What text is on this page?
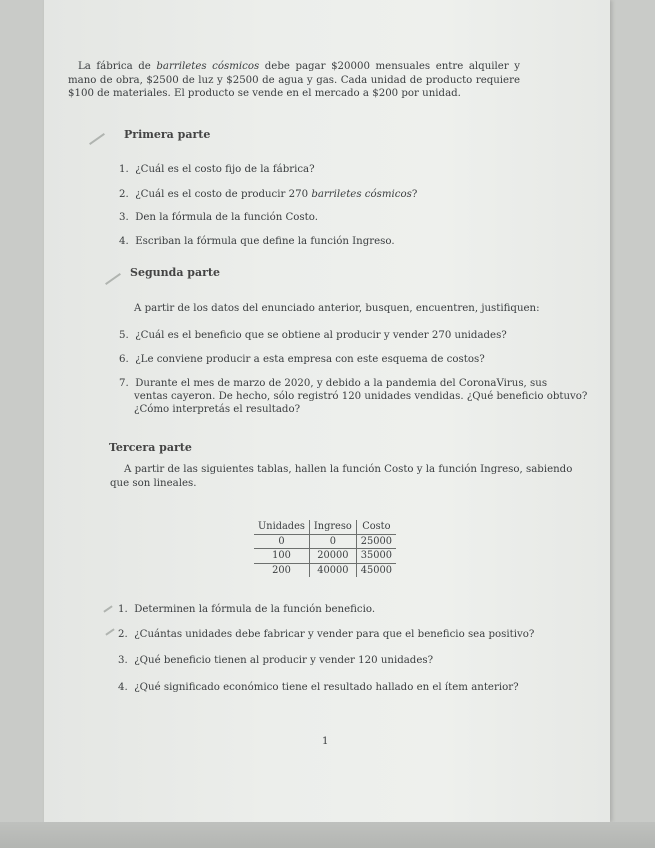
La fábrica de barriletes cósmicos debe pagar $20000 mensuales entre alquiler y mano de obra, $2500 de luz y $2500 de agua y gas. Cada unidad de producto requiere $100 de materiales. El producto se vende en el mercado a $200 por unidad.
Primera parte
1. ¿Cuál es el costo fijo de la fábrica?
2. ¿Cuál es el costo de producir 270 barriletes cósmicos?
3. Den la fórmula de la función Costo.
4. Escriban la fórmula que define la función Ingreso.
Segunda parte
A partir de los datos del enunciado anterior, busquen, encuentren, justifiquen:
5. ¿Cuál es el beneficio que se obtiene al producir y vender 270 unidades?
6. ¿Le conviene producir a esta empresa con este esquema de costos?
7. Durante el mes de marzo de 2020, y debido a la pandemia del CoronaVirus, sus
ventas cayeron. De hecho, sólo registró 120 unidades vendidas. ¿Qué beneficio obtuvo?
¿Cómo interpretás el resultado?
Tercera parte
A partir de las siguientes tablas, hallen la función Costo y la función Ingreso, sabiendo
que son lineales.
Unidades	Ingreso	Costo
0	0	25000
100	20000	35000
200	40000	45000
1. Determinen la fórmula de la función beneficio.
2. ¿Cuántas unidades debe fabricar y vender para que el beneficio sea positivo?
3. ¿Qué beneficio tienen al producir y vender 120 unidades?
4. ¿Qué significado económico tiene el resultado hallado en el ítem anterior?
1
